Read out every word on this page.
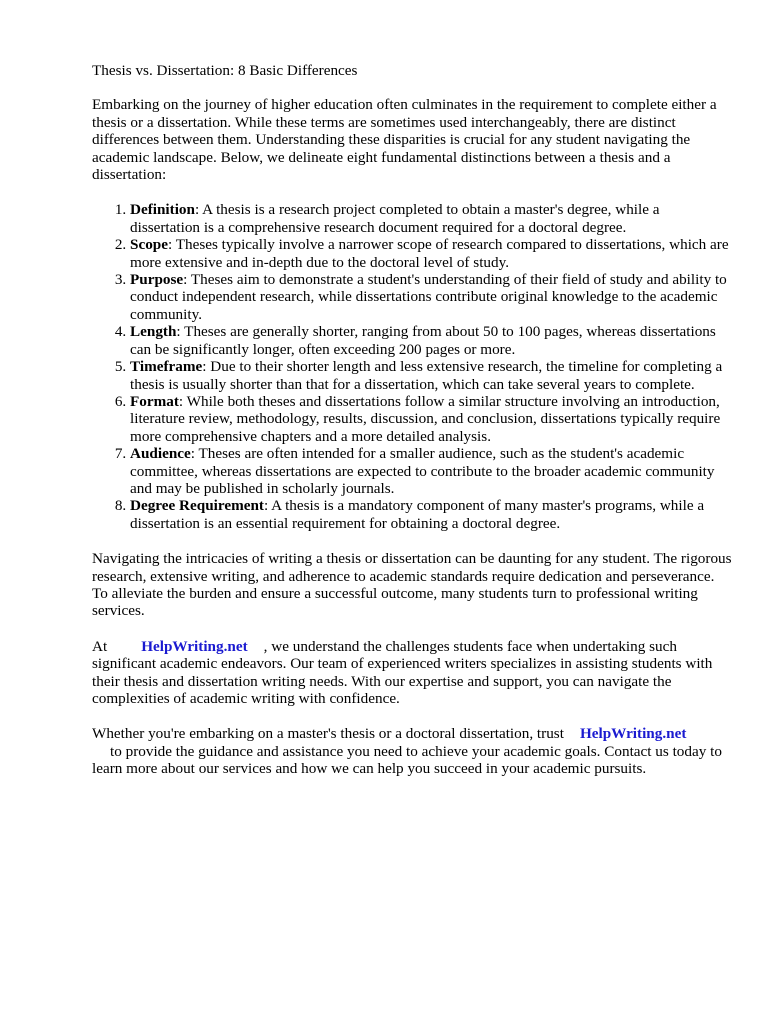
Thesis vs. Dissertation: 8 Basic Differences

Embarking on the journey of higher education often culminates in the requirement to complete either a thesis or a dissertation. While these terms are sometimes used interchangeably, there are distinct differences between them. Understanding these disparities is crucial for any student navigating the academic landscape. Below, we delineate eight fundamental distinctions between a thesis and a dissertation:

1. Definition: A thesis is a research project completed to obtain a master's degree, while a dissertation is a comprehensive research document required for a doctoral degree.
2. Scope: Theses typically involve a narrower scope of research compared to dissertations, which are more extensive and in-depth due to the doctoral level of study.
3. Purpose: Theses aim to demonstrate a student's understanding of their field of study and ability to conduct independent research, while dissertations contribute original knowledge to the academic community.
4. Length: Theses are generally shorter, ranging from about 50 to 100 pages, whereas dissertations can be significantly longer, often exceeding 200 pages or more.
5. Timeframe: Due to their shorter length and less extensive research, the timeline for completing a thesis is usually shorter than that for a dissertation, which can take several years to complete.
6. Format: While both theses and dissertations follow a similar structure involving an introduction, literature review, methodology, results, discussion, and conclusion, dissertations typically require more comprehensive chapters and a more detailed analysis.
7. Audience: Theses are often intended for a smaller audience, such as the student's academic committee, whereas dissertations are expected to contribute to the broader academic community and may be published in scholarly journals.
8. Degree Requirement: A thesis is a mandatory component of many master's programs, while a dissertation is an essential requirement for obtaining a doctoral degree.

Navigating the intricacies of writing a thesis or dissertation can be daunting for any student. The rigorous research, extensive writing, and adherence to academic standards require dedication and perseverance. To alleviate the burden and ensure a successful outcome, many students turn to professional writing services.

At HelpWriting.net , we understand the challenges students face when undertaking such significant academic endeavors. Our team of experienced writers specializes in assisting students with their thesis and dissertation writing needs. With our expertise and support, you can navigate the complexities of academic writing with confidence.

Whether you're embarking on a master's thesis or a doctoral dissertation, trust HelpWriting.net
to provide the guidance and assistance you need to achieve your academic goals. Contact us today to learn more about our services and how we can help you succeed in your academic pursuits.
